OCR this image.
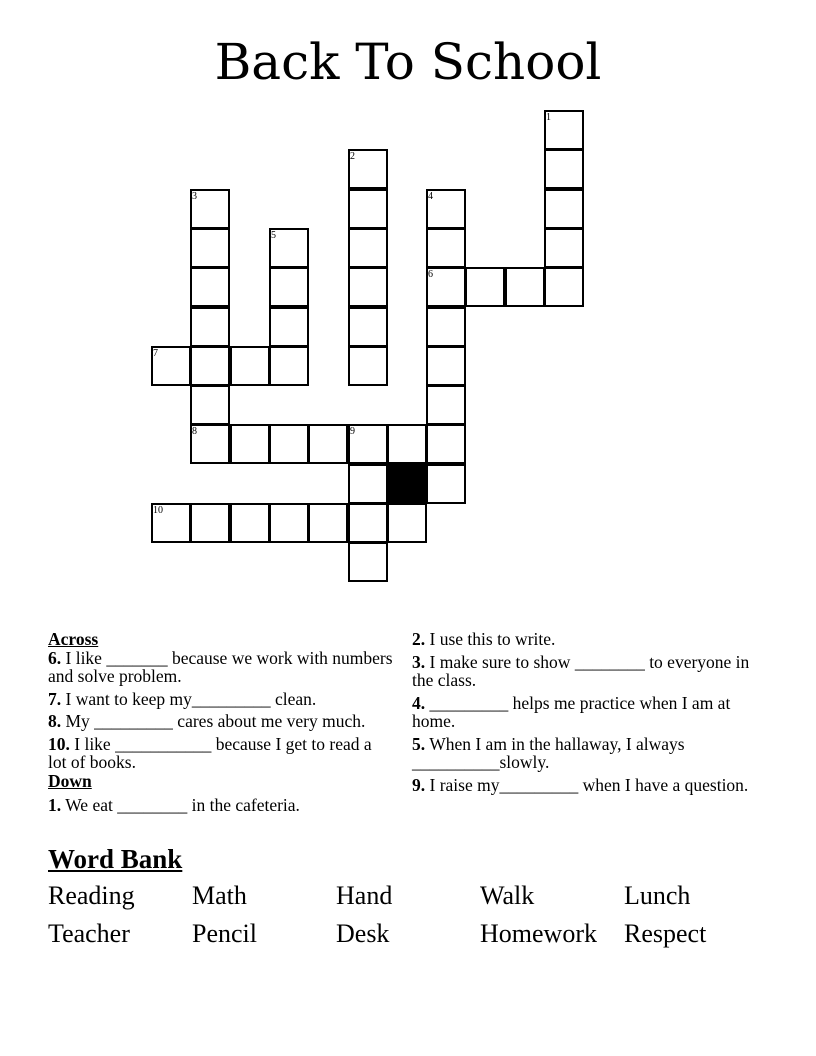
Back To School
1
2
3	4
5
6
7
8	9
10
Across
6. I like _______ because we work with numbers and solve problem.
7. I want to keep my_________ clean.
8. My _________ cares about me very much.
10. I like ___________ because I get to read a lot of books.
Down
1. We eat ________ in the cafeteria.
2. I use this to write.
3. I make sure to show ________ to everyone in the class.
4. _________ helps me practice when I am at home.
5. When I am in the hallaway, I always __________slowly.
9. I raise my_________ when I have a question.
Word Bank
Reading	Math	Hand	Walk	Lunch
Teacher	Pencil	Desk	Homework	Respect
